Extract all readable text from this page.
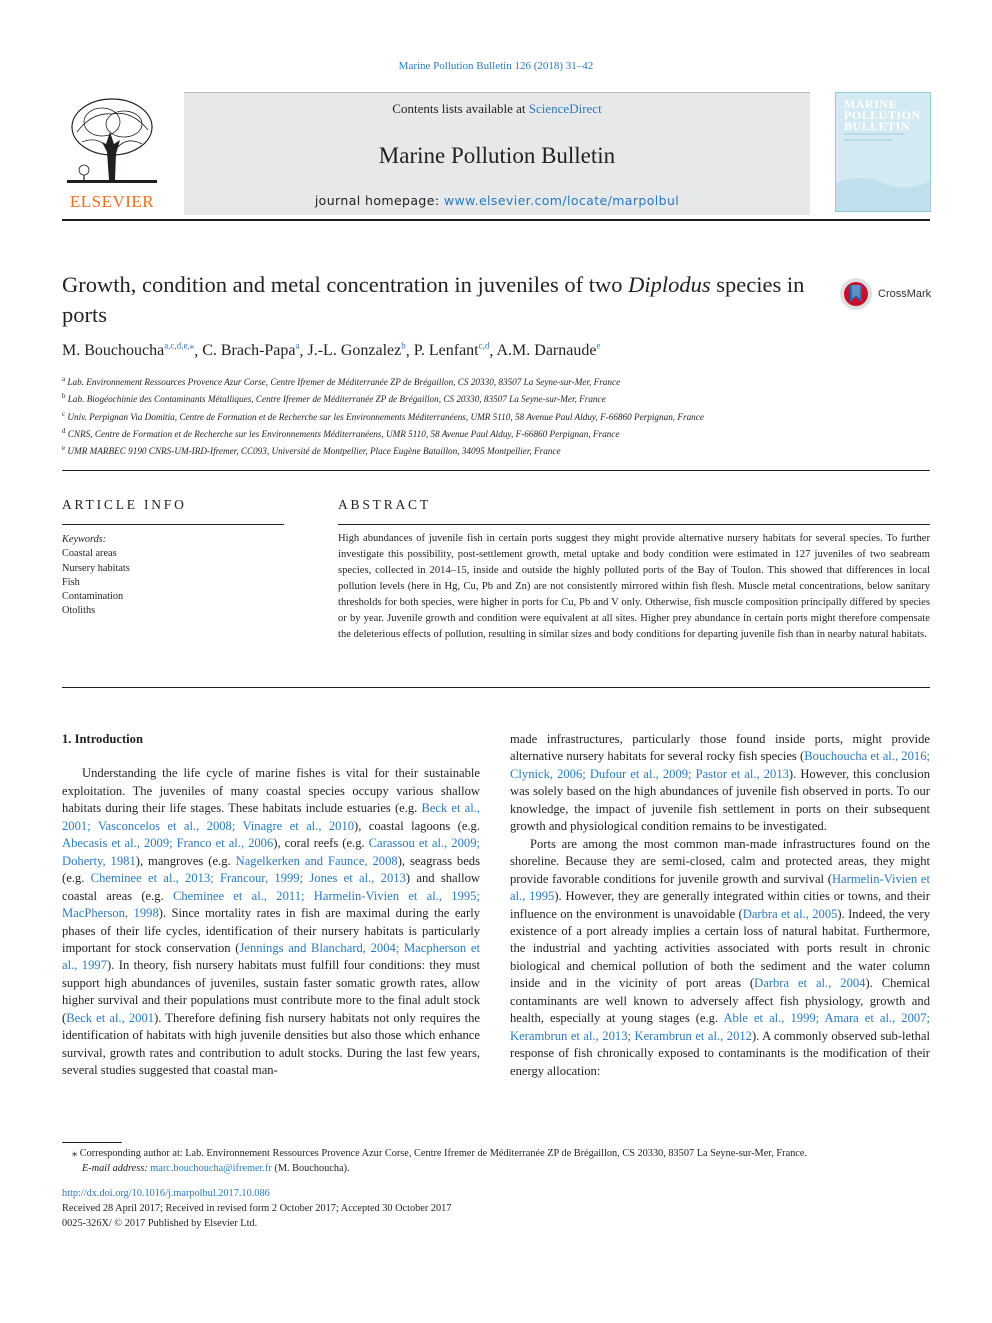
Marine Pollution Bulletin 126 (2018) 31–42
ELSEVIER
Contents lists available at ScienceDirect
Marine Pollution Bulletin
journal homepage: www.elsevier.com/locate/marpolbul
MARINE
POLLUTION
BULLETIN
Growth, condition and metal concentration in juveniles of two Diplodus species in ports
CrossMark
M. Bouchoucha$^{a,c,d,e,⁎}$, C. Brach-Papa$^a$, J.-L. Gonzalez$^b$, P. Lenfant$^{c,d}$, A.M. Darnaude$^e$
$^a$ Lab. Environnement Ressources Provence Azur Corse, Centre Ifremer de Méditerranée ZP de Brégaillon, CS 20330, 83507 La Seyne-sur-Mer, France
$^b$ Lab. Biogéochimie des Contaminants Métalliques, Centre Ifremer de Méditerranée ZP de Brégaillon, CS 20330, 83507 La Seyne-sur-Mer, France
$^c$ Univ. Perpignan Via Domitia, Centre de Formation et de Recherche sur les Environnements Méditerranéens, UMR 5110, 58 Avenue Paul Alduy, F-66860 Perpignan, France
$^d$ CNRS, Centre de Formation et de Recherche sur les Environnements Méditerranéens, UMR 5110, 58 Avenue Paul Alduy, F-66860 Perpignan, France
$^e$ UMR MARBEC 9190 CNRS-UM-IRD-Ifremer, CC093, Université de Montpellier, Place Eugène Bataillon, 34095 Montpellier, France
ARTICLE INFO
Keywords:
Coastal areas
Nursery habitats
Fish
Contamination
Otoliths
ABSTRACT
High abundances of juvenile fish in certain ports suggest they might provide alternative nursery habitats for several species. To further investigate this possibility, post-settlement growth, metal uptake and body condition were estimated in 127 juveniles of two seabream species, collected in 2014–15, inside and outside the highly polluted ports of the Bay of Toulon. This showed that differences in local pollution levels (here in Hg, Cu, Pb and Zn) are not consistently mirrored within fish flesh. Muscle metal concentrations, below sanitary thresholds for both species, were higher in ports for Cu, Pb and V only. Otherwise, fish muscle composition principally differed by species or by year. Juvenile growth and condition were equivalent at all sites. Higher prey abundance in certain ports might therefore compensate the deleterious effects of pollution, resulting in similar sizes and body conditions for departing juvenile fish than in nearby natural habitats.
1. Introduction

Understanding the life cycle of marine fishes is vital for their sustainable exploitation. The juveniles of many coastal species occupy various shallow habitats during their life stages. These habitats include estuaries (e.g. Beck et al., 2001; Vasconcelos et al., 2008; Vinagre et al., 2010), coastal lagoons (e.g. Abecasis et al., 2009; Franco et al., 2006), coral reefs (e.g. Carassou et al., 2009; Doherty, 1981), mangroves (e.g. Nagelkerken and Faunce, 2008), seagrass beds (e.g. Cheminee et al., 2013; Francour, 1999; Jones et al., 2013) and shallow coastal areas (e.g. Cheminee et al., 2011; Harmelin-Vivien et al., 1995; MacPherson, 1998). Since mortality rates in fish are maximal during the early phases of their life cycles, identification of their nursery habitats is particularly important for stock conservation (Jennings and Blanchard, 2004; Macpherson et al., 1997). In theory, fish nursery habitats must fulfill four conditions: they must support high abundances of juveniles, sustain faster somatic growth rates, allow higher survival and their populations must contribute more to the final adult stock (Beck et al., 2001). Therefore defining fish nursery habitats not only requires the identification of habitats with high juvenile densities but also those which enhance survival, growth rates and contribution to adult stocks. During the last few years, several studies suggested that coastal man-

made infrastructures, particularly those found inside ports, might provide alternative nursery habitats for several rocky fish species (Bouchoucha et al., 2016; Clynick, 2006; Dufour et al., 2009; Pastor et al., 2013). However, this conclusion was solely based on the high abundances of juvenile fish observed in ports. To our knowledge, the impact of juvenile fish settlement in ports on their subsequent growth and physiological condition remains to be investigated.

Ports are among the most common man-made infrastructures found on the shoreline. Because they are semi-closed, calm and protected areas, they might provide favorable conditions for juvenile growth and survival (Harmelin-Vivien et al., 1995). However, they are generally integrated within cities or towns, and their influence on the environment is unavoidable (Darbra et al., 2005). Indeed, the very existence of a port already implies a certain loss of natural habitat. Furthermore, the industrial and yachting activities associated with ports result in chronic biological and chemical pollution of both the sediment and the water column inside and in the vicinity of port areas (Darbra et al., 2004). Chemical contaminants are well known to adversely affect fish physiology, growth and health, especially at young stages (e.g. Able et al., 1999; Amara et al., 2007; Kerambrun et al., 2013; Kerambrun et al., 2012). A commonly observed sub-lethal response of fish chronically exposed to contaminants is the modification of their energy allocation:

⁎ Corresponding author at: Lab. Environnement Ressources Provence Azur Corse, Centre Ifremer de Méditerranée ZP de Brégaillon, CS 20330, 83507 La Seyne-sur-Mer, France.
E-mail address: marc.bouchoucha@ifremer.fr (M. Bouchoucha).
http://dx.doi.org/10.1016/j.marpolbul.2017.10.086
Received 28 April 2017; Received in revised form 2 October 2017; Accepted 30 October 2017
0025-326X/ © 2017 Published by Elsevier Ltd.
